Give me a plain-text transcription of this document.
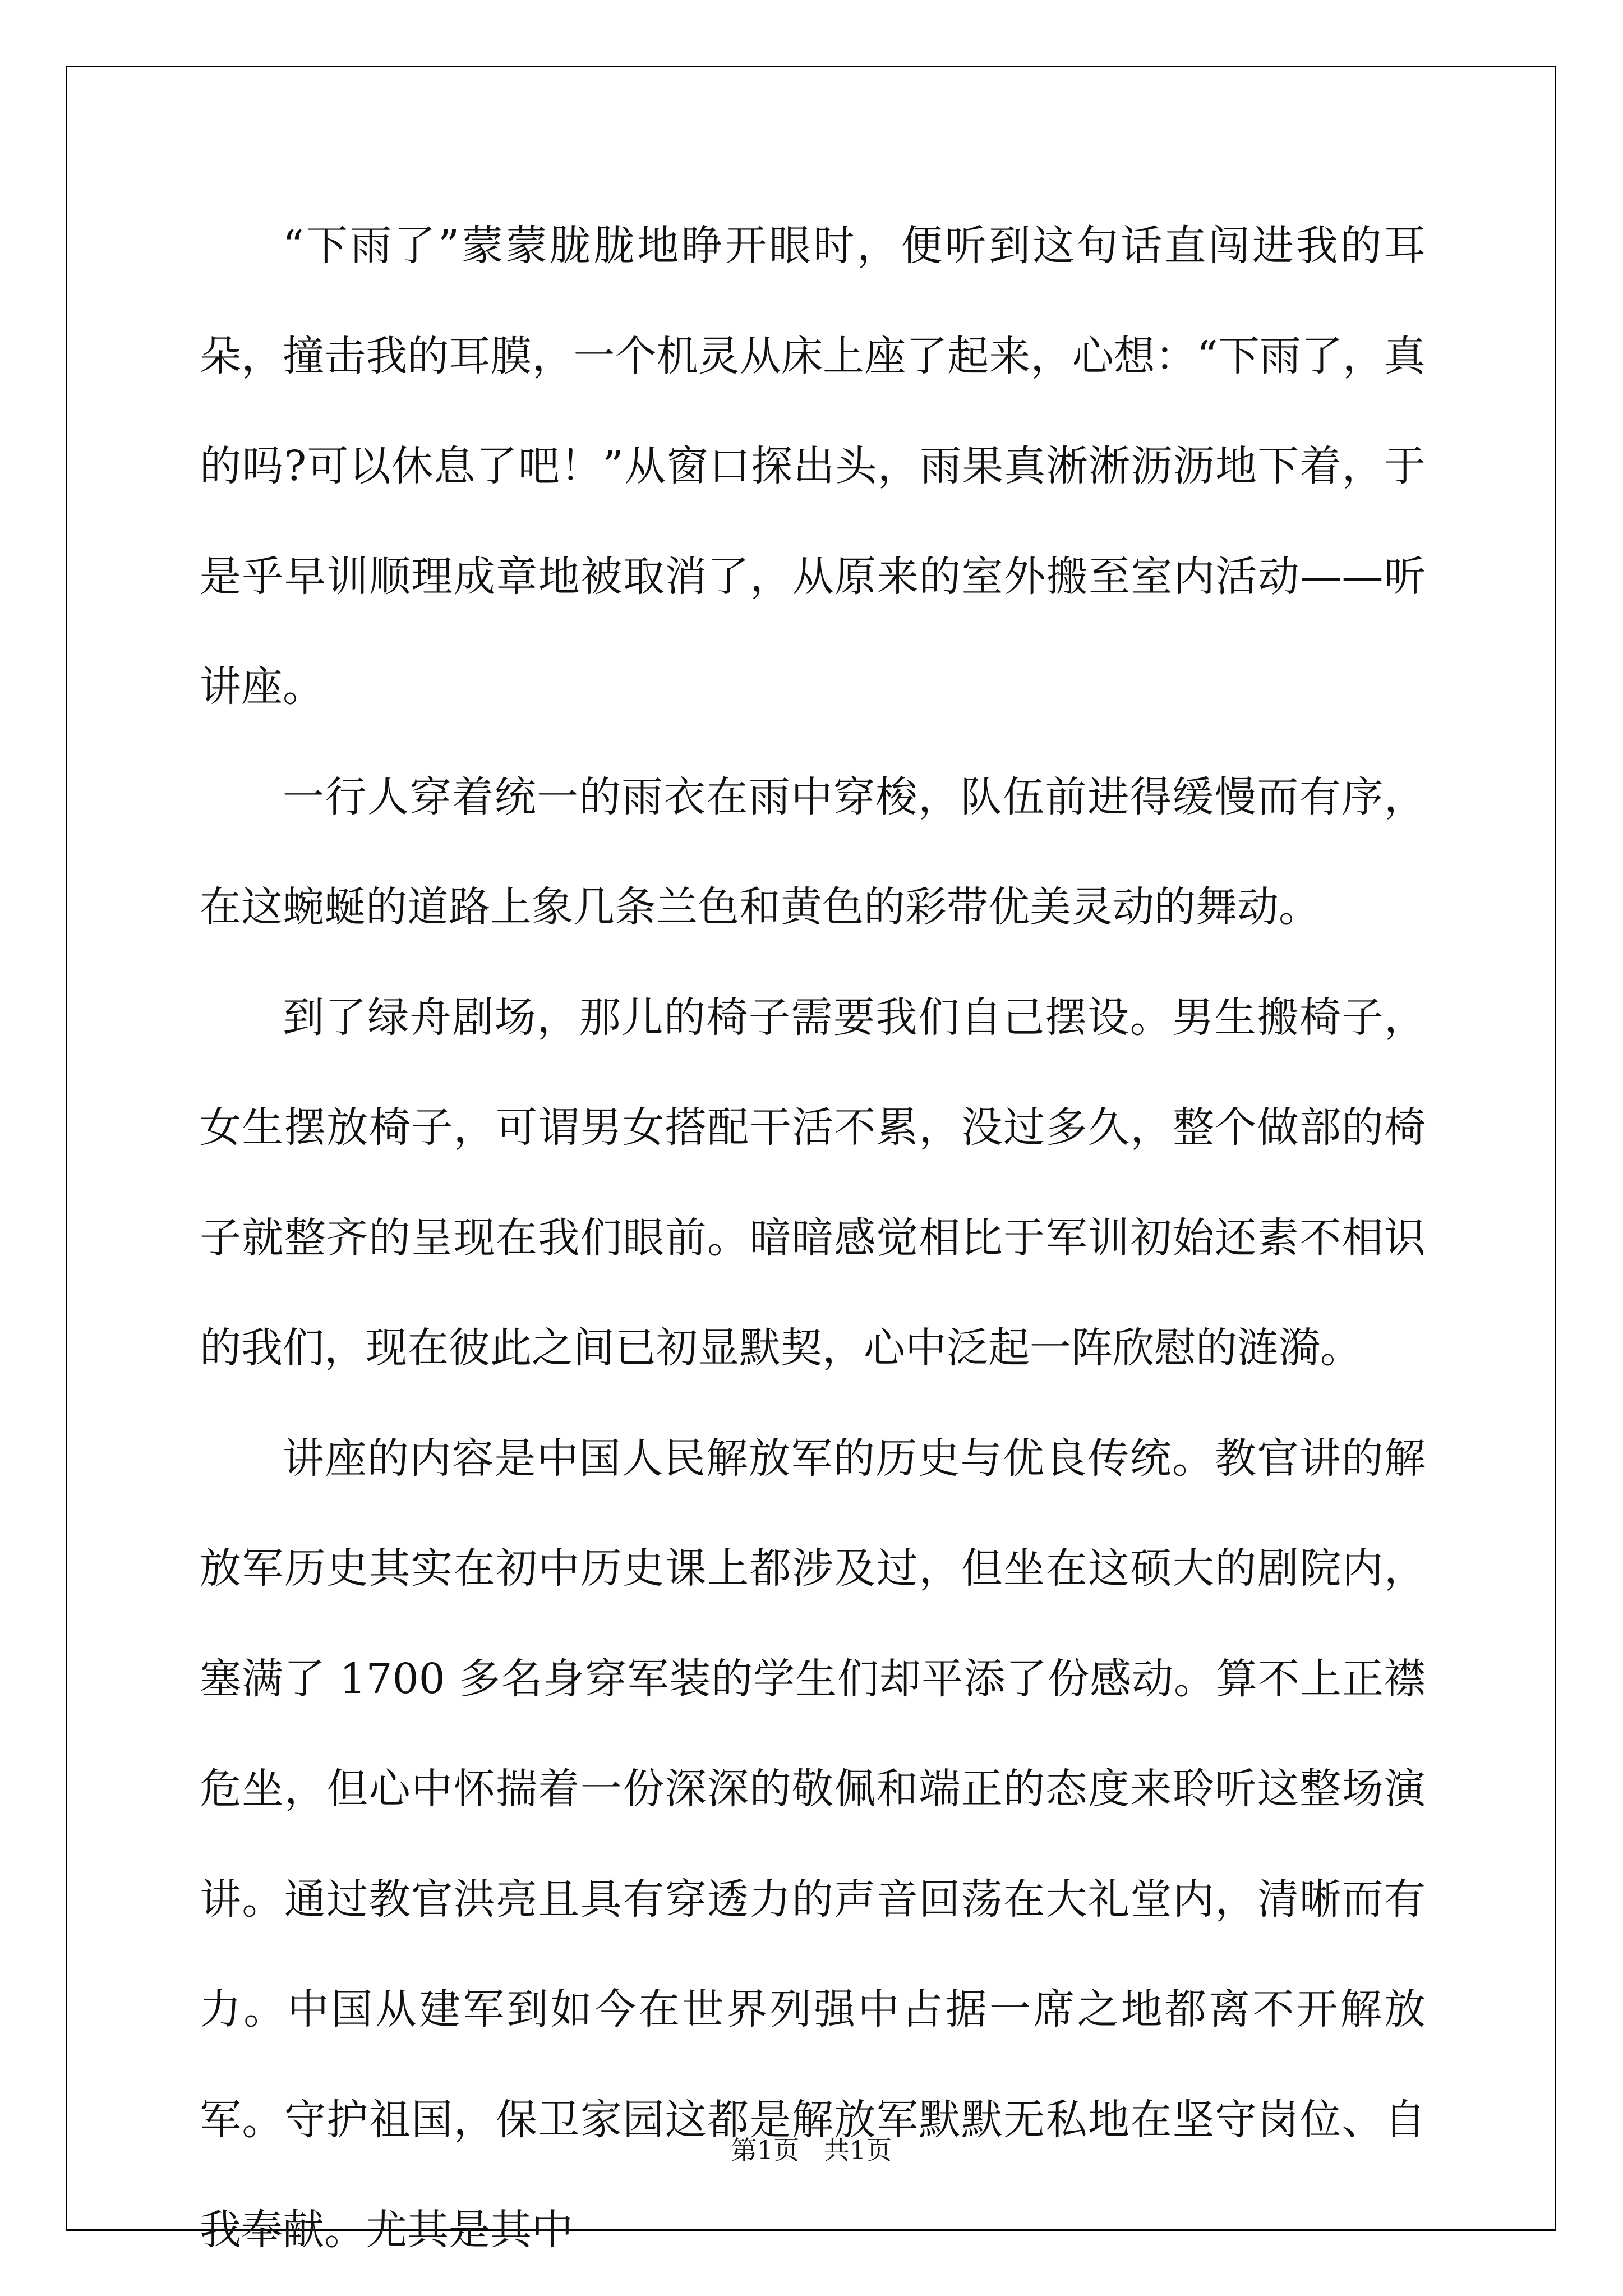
“下雨了”蒙蒙胧胧地睁开眼时，便听到这句话直闯进我的耳朵，撞击我的耳膜，一个机灵从床上座了起来，心想：“下雨了，真的吗?可以休息了吧！”从窗口探出头，雨果真淅淅沥沥地下着，于是乎早训顺理成章地被取消了，从原来的室外搬至室内活动——听讲座。

一行人穿着统一的雨衣在雨中穿梭，队伍前进得缓慢而有序，在这蜿蜒的道路上象几条兰色和黄色的彩带优美灵动的舞动。

到了绿舟剧场，那儿的椅子需要我们自己摆设。男生搬椅子，女生摆放椅子，可谓男女搭配干活不累，没过多久，整个做部的椅子就整齐的呈现在我们眼前。暗暗感觉相比于军训初始还素不相识的我们，现在彼此之间已初显默契，心中泛起一阵欣慰的涟漪。

讲座的内容是中国人民解放军的历史与优良传统。教官讲的解放军历史其实在初中历史课上都涉及过，但坐在这硕大的剧院内，塞满了 1700 多名身穿军装的学生们却平添了份感动。算不上正襟危坐，但心中怀揣着一份深深的敬佩和端正的态度来聆听这整场演讲。通过教官洪亮且具有穿透力的声音回荡在大礼堂内，清晰而有力。中国从建军到如今在世界列强中占据一席之地都离不开解放军。守护祖国，保卫家园这都是解放军默默无私地在坚守岗位、自我奉献。尤其是其中

第1页   共1页
